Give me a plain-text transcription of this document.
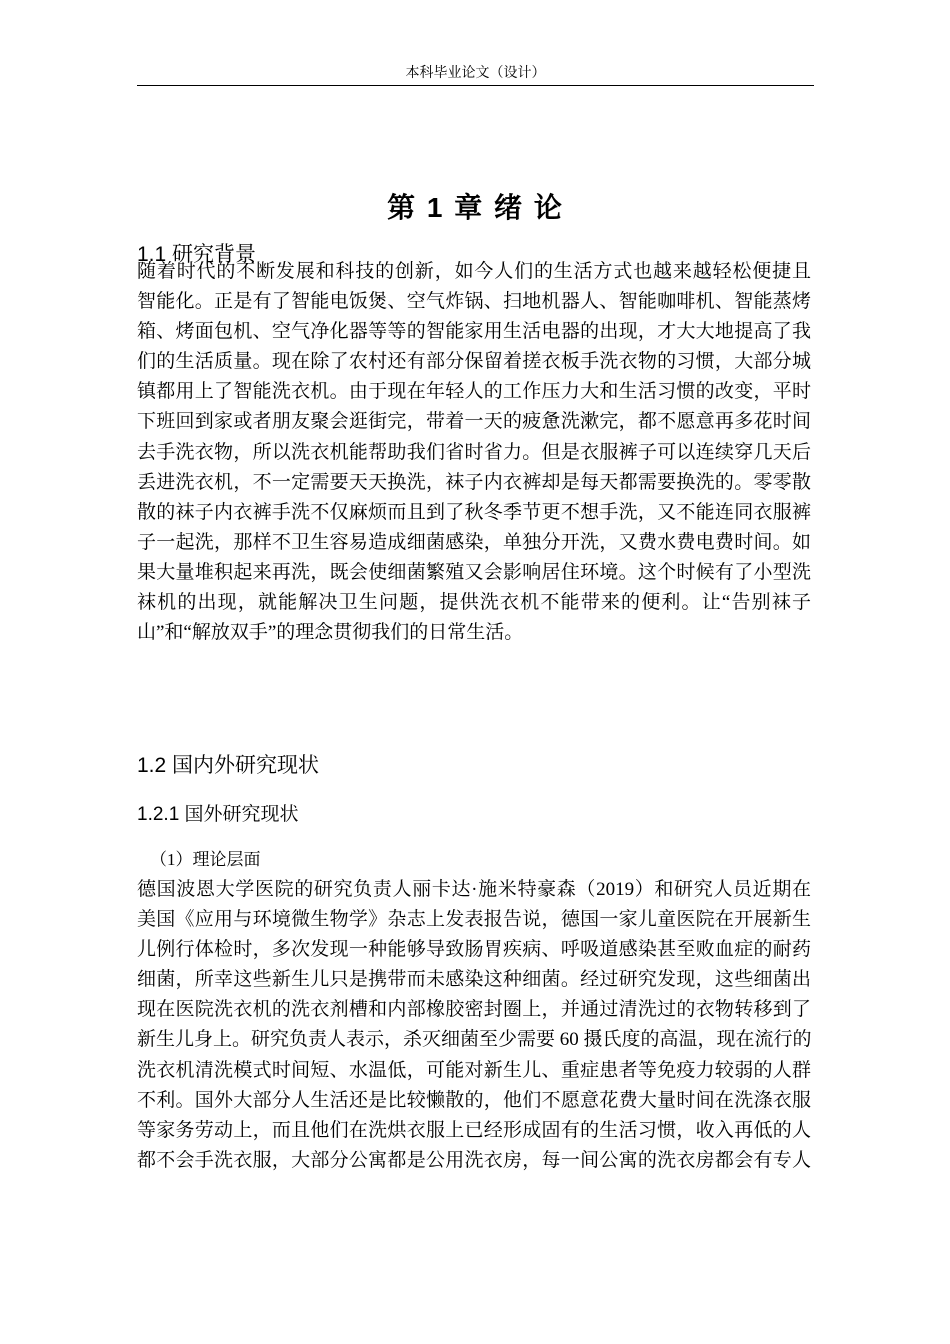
本科毕业论文（设计）
第 1 章 绪 论
1.1 研究背景
随着时代的不断发展和科技的创新，如今人们的生活方式也越来越轻松便捷且
智能化。正是有了智能电饭煲、空气炸锅、扫地机器人、智能咖啡机、智能蒸烤
箱、烤面包机、空气净化器等等的智能家用生活电器的出现，才大大地提高了我
们的生活质量。现在除了农村还有部分保留着搓衣板手洗衣物的习惯，大部分城
镇都用上了智能洗衣机。由于现在年轻人的工作压力大和生活习惯的改变，平时
下班回到家或者朋友聚会逛街完，带着一天的疲惫洗漱完，都不愿意再多花时间
去手洗衣物，所以洗衣机能帮助我们省时省力。但是衣服裤子可以连续穿几天后
丢进洗衣机，不一定需要天天换洗，袜子内衣裤却是每天都需要换洗的。零零散
散的袜子内衣裤手洗不仅麻烦而且到了秋冬季节更不想手洗，又不能连同衣服裤
子一起洗，那样不卫生容易造成细菌感染，单独分开洗，又费水费电费时间。如
果大量堆积起来再洗，既会使细菌繁殖又会影响居住环境。这个时候有了小型洗
袜机的出现，就能解决卫生问题，提供洗衣机不能带来的便利。让“告别袜子
山”和“解放双手”的理念贯彻我们的日常生活。
1.2 国内外研究现状
1.2.1 国外研究现状
（1）理论层面
德国波恩大学医院的研究负责人丽卡达·施米特豪森（2019）和研究人员近期在
美国《应用与环境微生物学》杂志上发表报告说，德国一家儿童医院在开展新生
儿例行体检时，多次发现一种能够导致肠胃疾病、呼吸道感染甚至败血症的耐药
细菌，所幸这些新生儿只是携带而未感染这种细菌。经过研究发现，这些细菌出
现在医院洗衣机的洗衣剂槽和内部橡胶密封圈上，并通过清洗过的衣物转移到了
新生儿身上。研究负责人表示，杀灭细菌至少需要 60 摄氏度的高温，现在流行的
洗衣机清洗模式时间短、水温低，可能对新生儿、重症患者等免疫力较弱的人群
不利。国外大部分人生活还是比较懒散的，他们不愿意花费大量时间在洗涤衣服
等家务劳动上，而且他们在洗烘衣服上已经形成固有的生活习惯，收入再低的人
都不会手洗衣服，大部分公寓都是公用洗衣房，每一间公寓的洗衣房都会有专人
